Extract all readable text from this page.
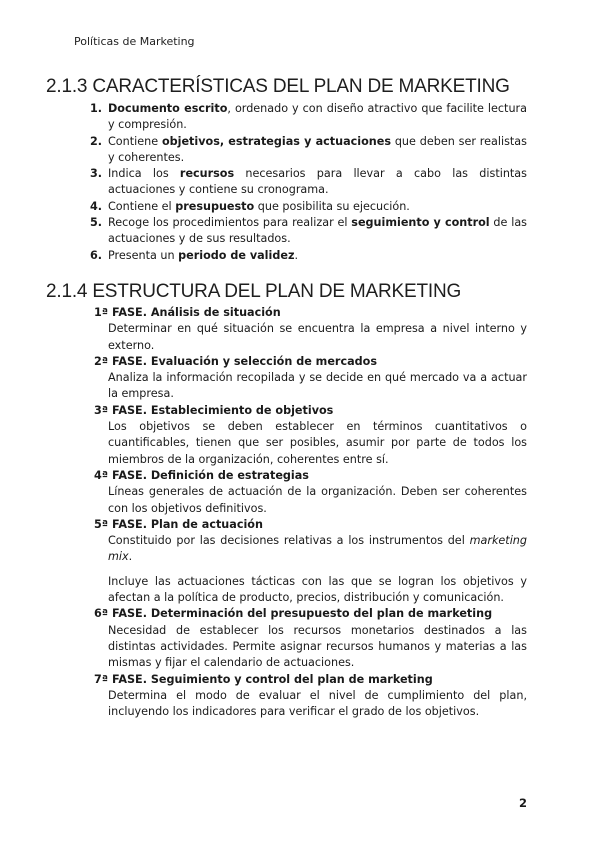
Políticas de Marketing
2.1.3 CARACTERÍSTICAS DEL PLAN DE MARKETING
1. Documento escrito, ordenado y con diseño atractivo que facilite lectura y compresión.
2. Contiene objetivos, estrategias y actuaciones que deben ser realistas y coherentes.
3. Indica los recursos necesarios para llevar a cabo las distintas actuaciones y contiene su cronograma.
4. Contiene el presupuesto que posibilita su ejecución.
5. Recoge los procedimientos para realizar el seguimiento y control de las actuaciones y de sus resultados.
6. Presenta un periodo de validez.
2.1.4 ESTRUCTURA DEL PLAN DE MARKETING

1ª FASE. Análisis de situación

Determinar en qué situación se encuentra la empresa a nivel interno y externo.

2ª FASE. Evaluación y selección de mercados

Analiza la información recopilada y se decide en qué mercado va a actuar la empresa.

3ª FASE. Establecimiento de objetivos

Los objetivos se deben establecer en términos cuantitativos o cuantificables, tienen que ser posibles, asumir por parte de todos los miembros de la organización, coherentes entre sí.

4ª FASE. Definición de estrategias

Líneas generales de actuación de la organización. Deben ser coherentes con los objetivos definitivos.

5ª FASE. Plan de actuación

Constituido por las decisiones relativas a los instrumentos del marketing mix.

Incluye las actuaciones tácticas con las que se logran los objetivos y afectan a la política de producto, precios, distribución y comunicación.

6ª FASE. Determinación del presupuesto del plan de marketing

Necesidad de establecer los recursos monetarios destinados a las distintas actividades. Permite asignar recursos humanos y materias a las mismas y fijar el calendario de actuaciones.

7ª FASE. Seguimiento y control del plan de marketing

Determina el modo de evaluar el nivel de cumplimiento del plan, incluyendo los indicadores para verificar el grado de los objetivos.

2
